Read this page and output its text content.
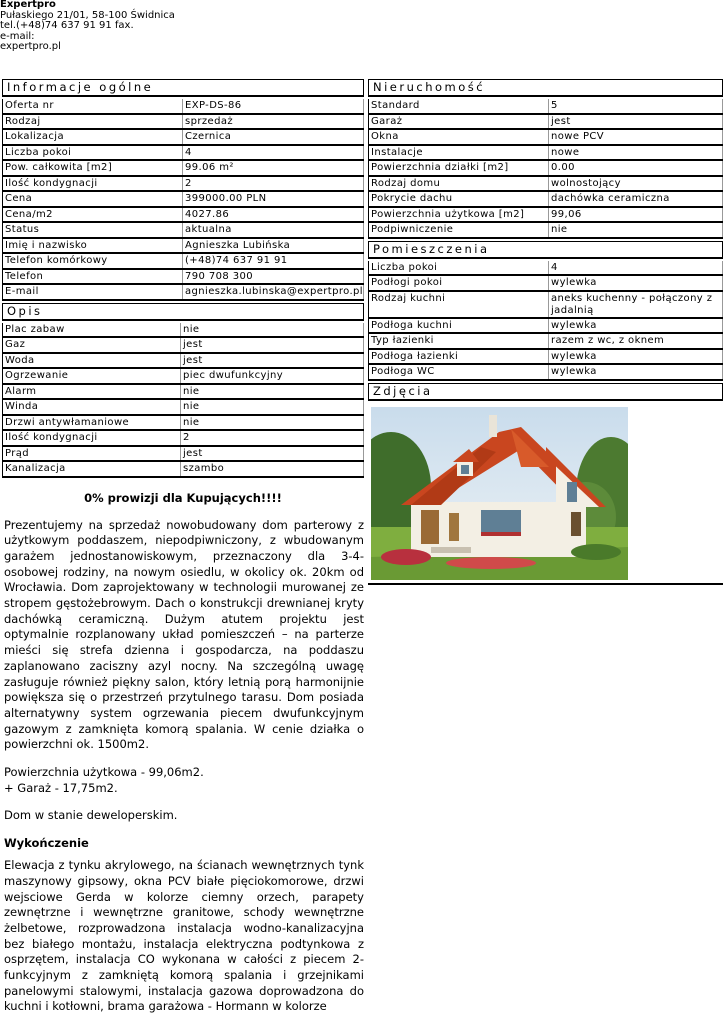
Expertpro
Pułaskiego 21/01, 58-100 Świdnica
tel.(+48)74 637 91 91 fax.
e-mail:
expertpro.pl
Informacje ogólne
Oferta nr	EXP-DS-86
Rodzaj	sprzedaż
Lokalizacja	Czernica
Liczba pokoi	4
Pow. całkowita [m2]	99.06 m²
Ilość kondygnacji	2
Cena	399000.00 PLN
Cena/m2	4027.86
Status	aktualna
Imię i nazwisko	Agnieszka Lubińska
Telefon komórkowy	(+48)74 637 91 91
Telefon	790 708 300
E-mail	agnieszka.lubinska@expertpro.pl
Opis
Plac zabaw	nie
Gaz	jest
Woda	jest
Ogrzewanie	piec dwufunkcyjny
Alarm	nie
Winda	nie
Drzwi antywłamaniowe	nie
Ilość kondygnacji	2
Prąd	jest
Kanalizacja	szambo
0% prowizji dla Kupujących!!!!

Prezentujemy na sprzedaż nowobudowany dom parterowy z użytkowym poddaszem, niepodpiwniczony, z wbudowanym garażem jednostanowiskowym, przeznaczony dla 3-4-osobowej rodziny, na nowym osiedlu, w okolicy ok. 20km od Wrocławia. Dom zaprojektowany w technologii murowanej ze stropem gęstożebrowym. Dach o konstrukcji drewnianej kryty dachówką ceramiczną. Dużym atutem projektu jest optymalnie rozplanowany układ pomieszczeń – na parterze mieści się strefa dzienna i gospodarcza, na poddaszu zaplanowano zaciszny azyl nocny. Na szczególną uwagę zasługuje również piękny salon, który letnią porą harmonijnie powiększa się o przestrzeń przytulnego tarasu. Dom posiada alternatywny system ogrzewania piecem dwufunkcyjnym gazowym z zamknięta komorą spalania. W cenie działka o powierzchni ok. 1500m2.

Powierzchnia użytkowa - 99,06m2.
+ Garaż - 17,75m2.

Dom w stanie deweloperskim.

Wykończenie

Elewacja z tynku akrylowego, na ścianach wewnętrznych tynk maszynowy gipsowy, okna PCV białe pięciokomorowe, drzwi wejsciowe Gerda w kolorze ciemny orzech, parapety zewnętrzne i wewnętrzne granitowe, schody wewnętrzne żelbetowe, rozprowadzona instalacja wodno-kanalizacyjna bez białego montażu, instalacja elektryczna podtynkowa z osprzętem, instalacja CO wykonana w całości z piecem 2-funkcyjnym z zamkniętą komorą spalania i grzejnikami panelowymi stalowymi, instalacja gazowa doprowadzona do kuchni i kotłowni, brama garażowa - Hormann w kolorze

Nieruchomość
Standard	5
Garaż	jest
Okna	nowe PCV
Instalacje	nowe
Powierzchnia działki [m2]	0.00
Rodzaj domu	wolnostojący
Pokrycie dachu	dachówka ceramiczna
Powierzchnia użytkowa [m2]	99,06
Podpiwniczenie	nie
Pomieszczenia
Liczba pokoi	4
Podłogi pokoi	wylewka
Rodzaj kuchni	aneks kuchenny - połączony z jadalnią
Podłoga kuchni	wylewka
Typ łazienki	razem z wc, z oknem
Podłoga łazienki	wylewka
Podłoga WC	wylewka
Zdjęcia
